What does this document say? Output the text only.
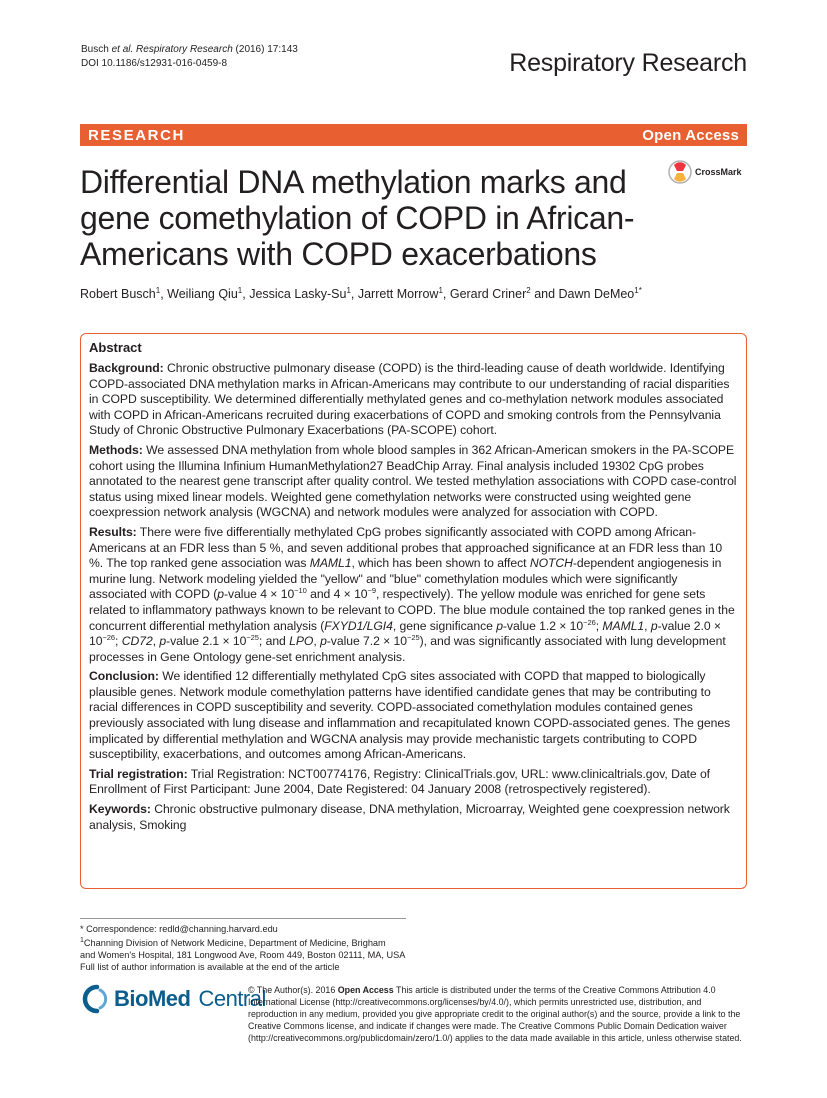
Busch et al. Respiratory Research (2016) 17:143
DOI 10.1186/s12931-016-0459-8	Respiratory Research
RESEARCH	Open Access
CrossMark
Differential DNA methylation marks and
gene comethylation of COPD in African-
Americans with COPD exacerbations
Robert Busch$^1$, Weiliang Qiu$^1$, Jessica Lasky-Su$^1$, Jarrett Morrow$^1$, Gerard Criner$^2$ and Dawn DeMeo$^{1*}$
Abstract

Background: Chronic obstructive pulmonary disease (COPD) is the third-leading cause of death worldwide. Identifying COPD-associated DNA methylation marks in African-Americans may contribute to our understanding of racial disparities in COPD susceptibility. We determined differentially methylated genes and co-methylation network modules associated with COPD in African-Americans recruited during exacerbations of COPD and smoking controls from the Pennsylvania Study of Chronic Obstructive Pulmonary Exacerbations (PA-SCOPE) cohort.

Methods: We assessed DNA methylation from whole blood samples in 362 African-American smokers in the PA-SCOPE cohort using the Illumina Infinium HumanMethylation27 BeadChip Array. Final analysis included 19302 CpG probes annotated to the nearest gene transcript after quality control. We tested methylation associations with COPD case-control status using mixed linear models. Weighted gene comethylation networks were constructed using weighted gene coexpression network analysis (WGCNA) and network modules were analyzed for association with COPD.

Results: There were five differentially methylated CpG probes significantly associated with COPD among African-Americans at an FDR less than 5 %, and seven additional probes that approached significance at an FDR less than 10 %. The top ranked gene association was MAML1, which has been shown to affect NOTCH-dependent angiogenesis in murine lung. Network modeling yielded the "yellow" and "blue" comethylation modules which were significantly associated with COPD (p-value $4 \times 10^{-10}$ and $4 \times 10^{-9}$, respectively). The yellow module was enriched for gene sets related to inflammatory pathways known to be relevant to COPD. The blue module contained the top ranked genes in the concurrent differential methylation analysis (FXYD1/LGI4, gene significance p-value $1.2 \times 10^{-26}$; MAML1, p-value $2.0 \times 10^{-26}$; CD72, p-value $2.1 \times 10^{-25}$; and LPO, p-value $7.2 \times 10^{-25}$), and was significantly associated with lung development processes in Gene Ontology gene-set enrichment analysis.

Conclusion: We identified 12 differentially methylated CpG sites associated with COPD that mapped to biologically plausible genes. Network module comethylation patterns have identified candidate genes that may be contributing to racial differences in COPD susceptibility and severity. COPD-associated comethylation modules contained genes previously associated with lung disease and inflammation and recapitulated known COPD-associated genes. The genes implicated by differential methylation and WGCNA analysis may provide mechanistic targets contributing to COPD susceptibility, exacerbations, and outcomes among African-Americans.

Trial registration: Trial Registration: NCT00774176, Registry: ClinicalTrials.gov, URL: www.clinicaltrials.gov, Date of Enrollment of First Participant: June 2004, Date Registered: 04 January 2008 (retrospectively registered).

Keywords: Chronic obstructive pulmonary disease, DNA methylation, Microarray, Weighted gene coexpression network analysis, Smoking

* Correspondence: redld@channing.harvard.edu
$^1$Channing Division of Network Medicine, Department of Medicine, Brigham
and Women's Hospital, 181 Longwood Ave, Room 449, Boston 02111, MA, USA
Full list of author information is available at the end of the article
BioMed Central
© The Author(s). 2016 Open Access This article is distributed under the terms of the Creative Commons Attribution 4.0 International License (http://creativecommons.org/licenses/by/4.0/), which permits unrestricted use, distribution, and reproduction in any medium, provided you give appropriate credit to the original author(s) and the source, provide a link to the Creative Commons license, and indicate if changes were made. The Creative Commons Public Domain Dedication waiver (http://creativecommons.org/publicdomain/zero/1.0/) applies to the data made available in this article, unless otherwise stated.
